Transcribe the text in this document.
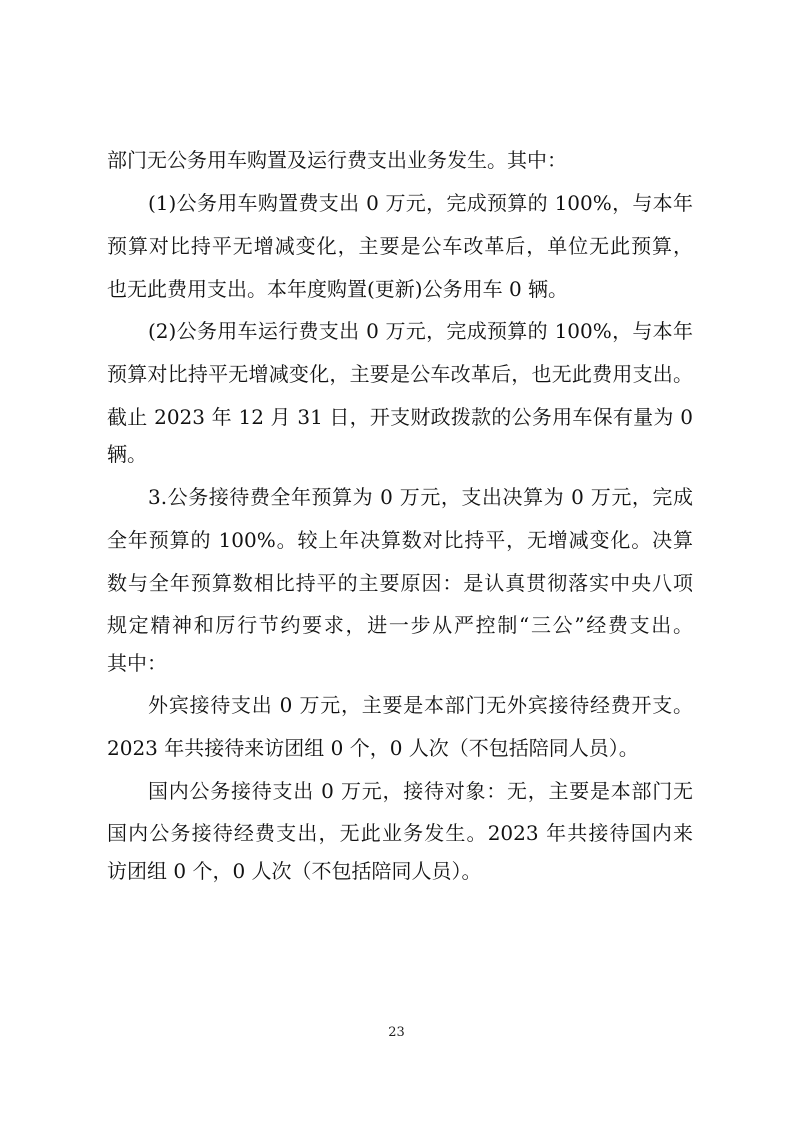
部门无公务用车购置及运行费支出业务发生。其中：
(1)公务用车购置费支出 0 万元，完成预算的 100%，与本年
预算对比持平无增减变化，主要是公车改革后，单位无此预算，
也无此费用支出。本年度购置(更新)公务用车 0 辆。
(2)公务用车运行费支出 0 万元，完成预算的 100%，与本年
预算对比持平无增减变化，主要是公车改革后，也无此费用支出。
截止 2023 年 12 月 31 日，开支财政拨款的公务用车保有量为 0
辆。
3.公务接待费全年预算为 0 万元，支出决算为 0 万元，完成
全年预算的 100%。较上年决算数对比持平，无增减变化。决算
数与全年预算数相比持平的主要原因：是认真贯彻落实中央八项
规定精神和厉行节约要求，进一步从严控制“三公”经费支出。
其中：
外宾接待支出 0 万元，主要是本部门无外宾接待经费开支。
2023 年共接待来访团组 0 个，0 人次（不包括陪同人员）。
国内公务接待支出 0 万元，接待对象：无，主要是本部门无
国内公务接待经费支出，无此业务发生。2023 年共接待国内来
访团组 0 个，0 人次（不包括陪同人员）。
23
